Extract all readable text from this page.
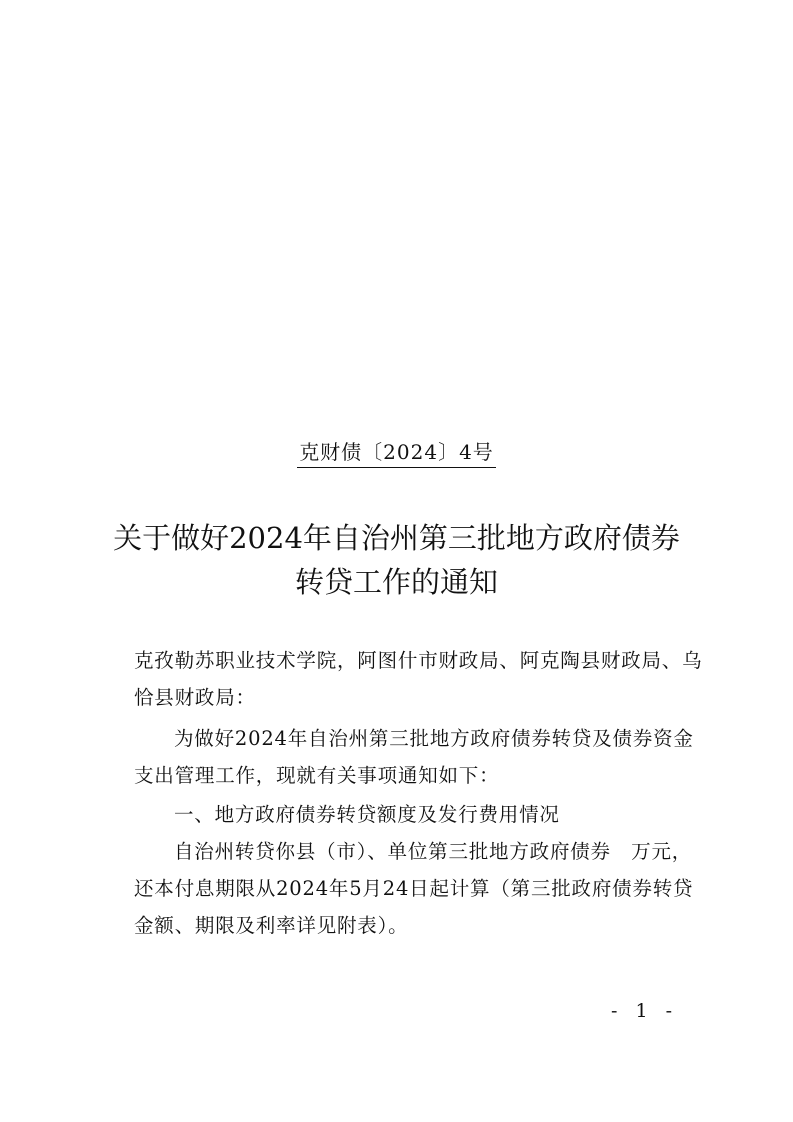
克财债〔2024〕4号
关于做好2024年自治州第三批地方政府债券
转贷工作的通知
克孜勒苏职业技术学院，阿图什市财政局、阿克陶县财政局、乌
恰县财政局：
为做好2024年自治州第三批地方政府债券转贷及债券资金
支出管理工作，现就有关事项通知如下：
一、地方政府债券转贷额度及发行费用情况
自治州转贷你县（市）、单位第三批地方政府债券　万元，
还本付息期限从2024年5月24日起计算（第三批政府债券转贷
金额、期限及利率详见附表）。
- 1 -
